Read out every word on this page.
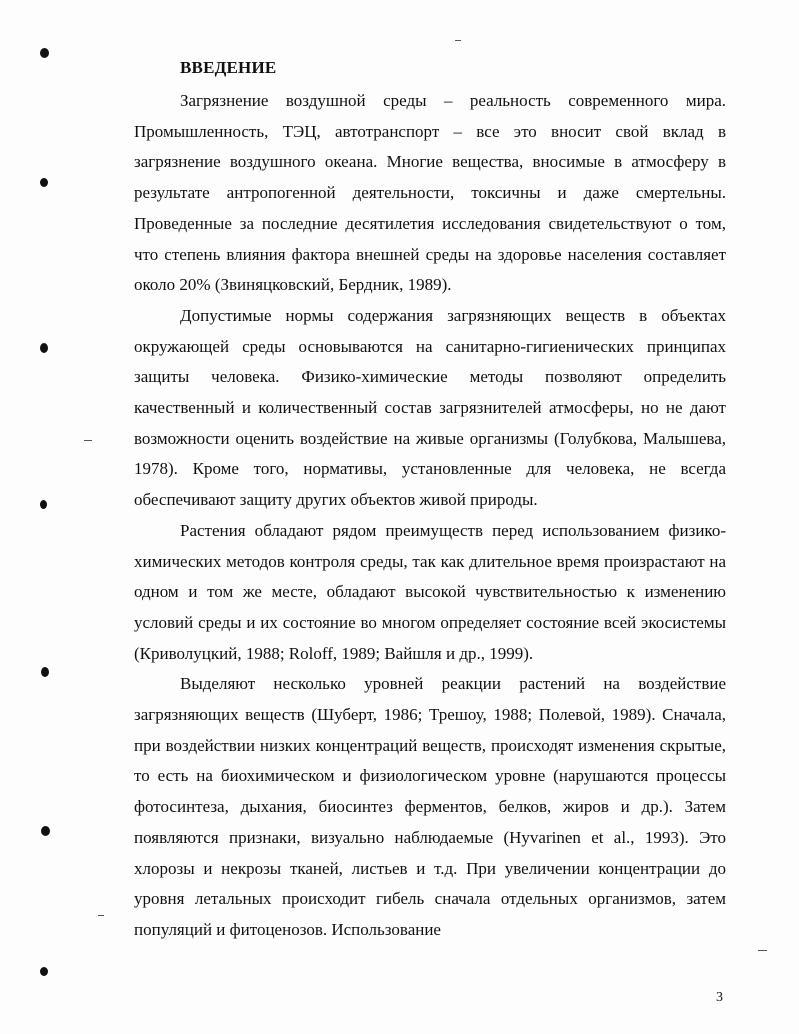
ВВЕДЕНИЕ

Загрязнение воздушной среды – реальность современного мира. Промышленность, ТЭЦ, автотранспорт – все это вносит свой вклад в загрязнение воздушного океана. Многие вещества, вносимые в атмосферу в результате антропогенной деятельности, токсичны и даже смертельны. Проведенные за последние десятилетия исследования свидетельствуют о том, что степень влияния фактора внешней среды на здоровье населения составляет около 20% (Звиняцковский, Бердник, 1989).

Допустимые нормы содержания загрязняющих веществ в объектах окружающей среды основываются на санитарно-гигиенических принципах защиты человека. Физико-химические методы позволяют определить качественный и количественный состав загрязнителей атмосферы, но не дают возможности оценить воздействие на живые организмы (Голубкова, Малышева, 1978). Кроме того, нормативы, установленные для человека, не всегда обеспечивают защиту других объектов живой природы.

Растения обладают рядом преимуществ перед использованием физико-химических методов контроля среды, так как длительное время произрастают на одном и том же месте, обладают высокой чувствительностью к изменению условий среды и их состояние во многом определяет состояние всей экосистемы (Криволуцкий, 1988; Roloff, 1989; Вайшля и др., 1999).

Выделяют несколько уровней реакции растений на воздействие загрязняющих веществ (Шуберт, 1986; Трешоу, 1988; Полевой, 1989). Сначала, при воздействии низких концентраций веществ, происходят изменения скрытые, то есть на биохимическом и физиологическом уровне (нарушаются процессы фотосинтеза, дыхания, биосинтез ферментов, белков, жиров и др.). Затем появляются признаки, визуально наблюдаемые (Hyvarinen et al., 1993). Это хлорозы и некрозы тканей, листьев и т.д. При увеличении концентрации до уровня летальных происходит гибель сначала отдельных организмов, затем популяций и фитоценозов. Использование

3
